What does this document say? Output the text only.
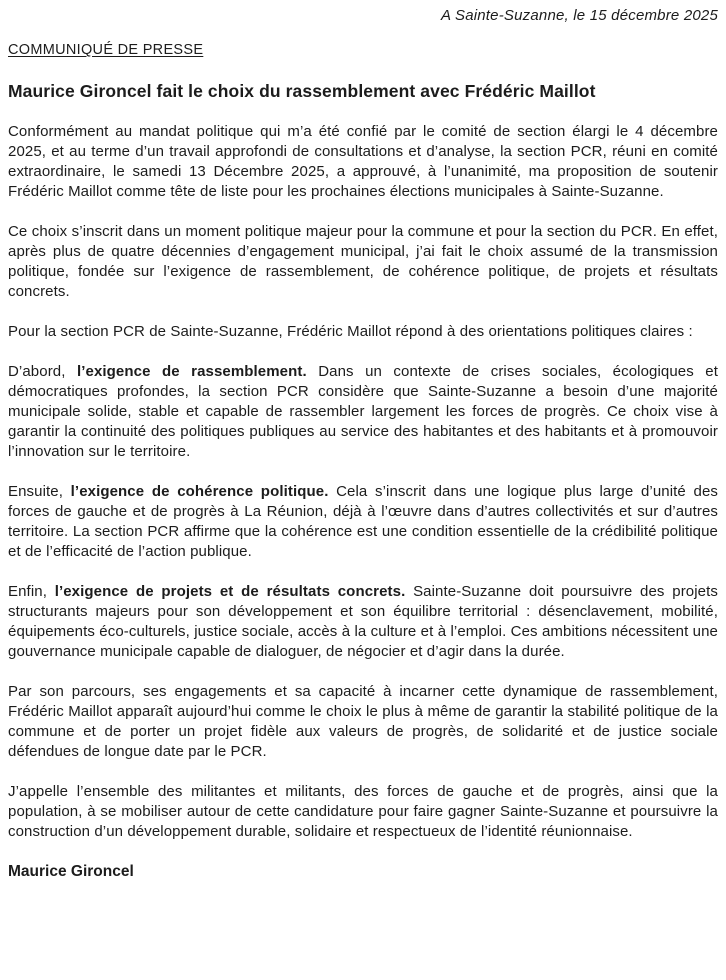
A Sainte-Suzanne, le 15 décembre 2025
COMMUNIQUÉ DE PRESSE
Maurice Gironcel fait le choix du rassemblement avec Frédéric Maillot

Conformément au mandat politique qui m’a été confié par le comité de section élargi le 4 décembre 2025, et au terme d’un travail approfondi de consultations et d’analyse, la section PCR, réuni en comité extraordinaire, le samedi 13 Décembre 2025, a approuvé, à l’unanimité, ma proposition de soutenir Frédéric Maillot comme tête de liste pour les prochaines élections municipales à Sainte-Suzanne.

Ce choix s’inscrit dans un moment politique majeur pour la commune et pour la section du PCR. En effet, après plus de quatre décennies d’engagement municipal, j’ai fait le choix assumé de la transmission politique, fondée sur l’exigence de rassemblement, de cohérence politique, de projets et résultats concrets.

Pour la section PCR de Sainte-Suzanne, Frédéric Maillot répond à des orientations politiques claires :

D’abord, l’exigence de rassemblement. Dans un contexte de crises sociales, écologiques et démocratiques profondes, la section PCR considère que Sainte-Suzanne a besoin d’une majorité municipale solide, stable et capable de rassembler largement les forces de progrès. Ce choix vise à garantir la continuité des politiques publiques au service des habitantes et des habitants et à promouvoir l’innovation sur le territoire.

Ensuite, l’exigence de cohérence politique. Cela s’inscrit dans une logique plus large d’unité des forces de gauche et de progrès à La Réunion, déjà à l’œuvre dans d’autres collectivités et sur d’autres territoire. La section PCR affirme que la cohérence est une condition essentielle de la crédibilité politique et de l’efficacité de l’action publique.

Enfin, l’exigence de projets et de résultats concrets. Sainte-Suzanne doit poursuivre des projets structurants majeurs pour son développement et son équilibre territorial : désenclavement, mobilité, équipements éco-culturels, justice sociale, accès à la culture et à l’emploi. Ces ambitions nécessitent une gouvernance municipale capable de dialoguer, de négocier et d’agir dans la durée.

Par son parcours, ses engagements et sa capacité à incarner cette dynamique de rassemblement, Frédéric Maillot apparaît aujourd’hui comme le choix le plus à même de garantir la stabilité politique de la commune et de porter un projet fidèle aux valeurs de progrès, de solidarité et de justice sociale défendues de longue date par le PCR.

J’appelle l’ensemble des militantes et militants, des forces de gauche et de progrès, ainsi que la population, à se mobiliser autour de cette candidature pour faire gagner Sainte-Suzanne et poursuivre la construction d’un développement durable, solidaire et respectueux de l’identité réunionnaise.

Maurice Gironcel
